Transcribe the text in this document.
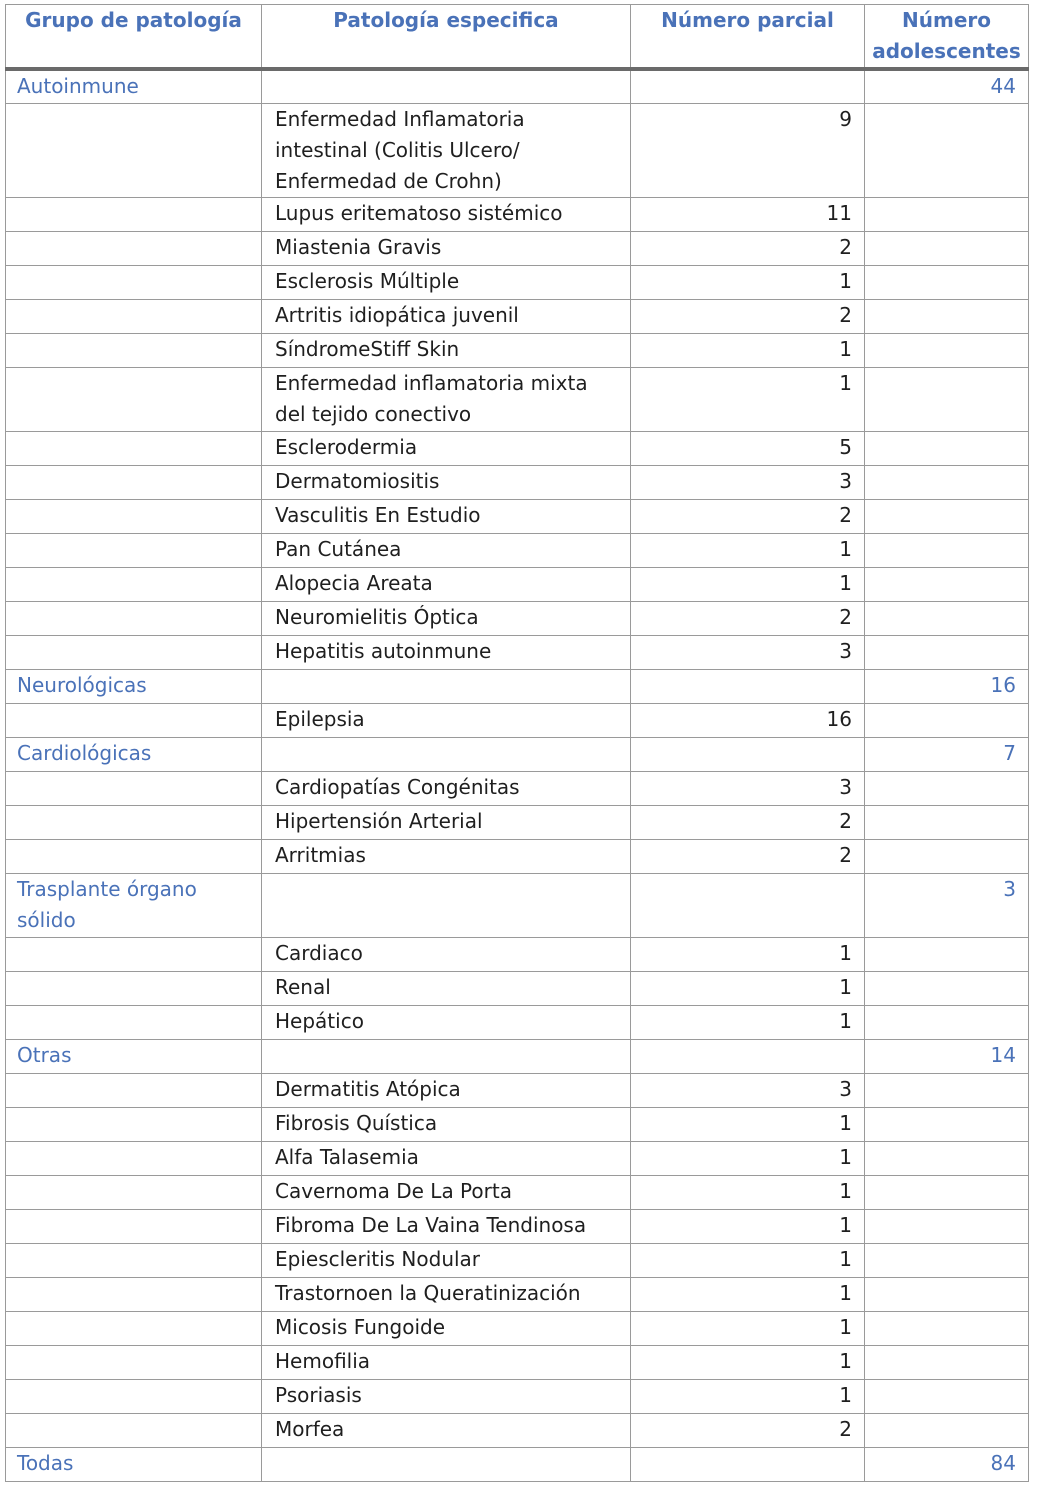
Grupo de patología	Patología especifica	Número parcial	Número adolescentes
Autoinmune			44
	Enfermedad Inflamatoria intestinal (Colitis Ulcero/ Enfermedad de Crohn)	9	
	Lupus eritematoso sistémico	11	
	Miastenia Gravis	2	
	Esclerosis Múltiple	1	
	Artritis idiopática juvenil	2	
	SíndromeStiff Skin	1	
	Enfermedad inflamatoria mixta del tejido conectivo	1	
	Esclerodermia	5	
	Dermatomiositis	3	
	Vasculitis En Estudio	2	
	Pan Cutánea	1	
	Alopecia Areata	1	
	Neuromielitis Óptica	2	
	Hepatitis autoinmune	3	
Neurológicas			16
	Epilepsia	16	
Cardiológicas			7
	Cardiopatías Congénitas	3	
	Hipertensión Arterial	2	
	Arritmias	2	
Trasplante órgano sólido			3
	Cardiaco	1	
	Renal	1	
	Hepático	1	
Otras			14
	Dermatitis Atópica	3	
	Fibrosis Quística	1	
	Alfa Talasemia	1	
	Cavernoma De La Porta	1	
	Fibroma De La Vaina Tendinosa	1	
	Epiescleritis Nodular	1	
	Trastornoen la Queratinización	1	
	Micosis Fungoide	1	
	Hemofilia	1	
	Psoriasis	1	
	Morfea	2	
Todas			84
